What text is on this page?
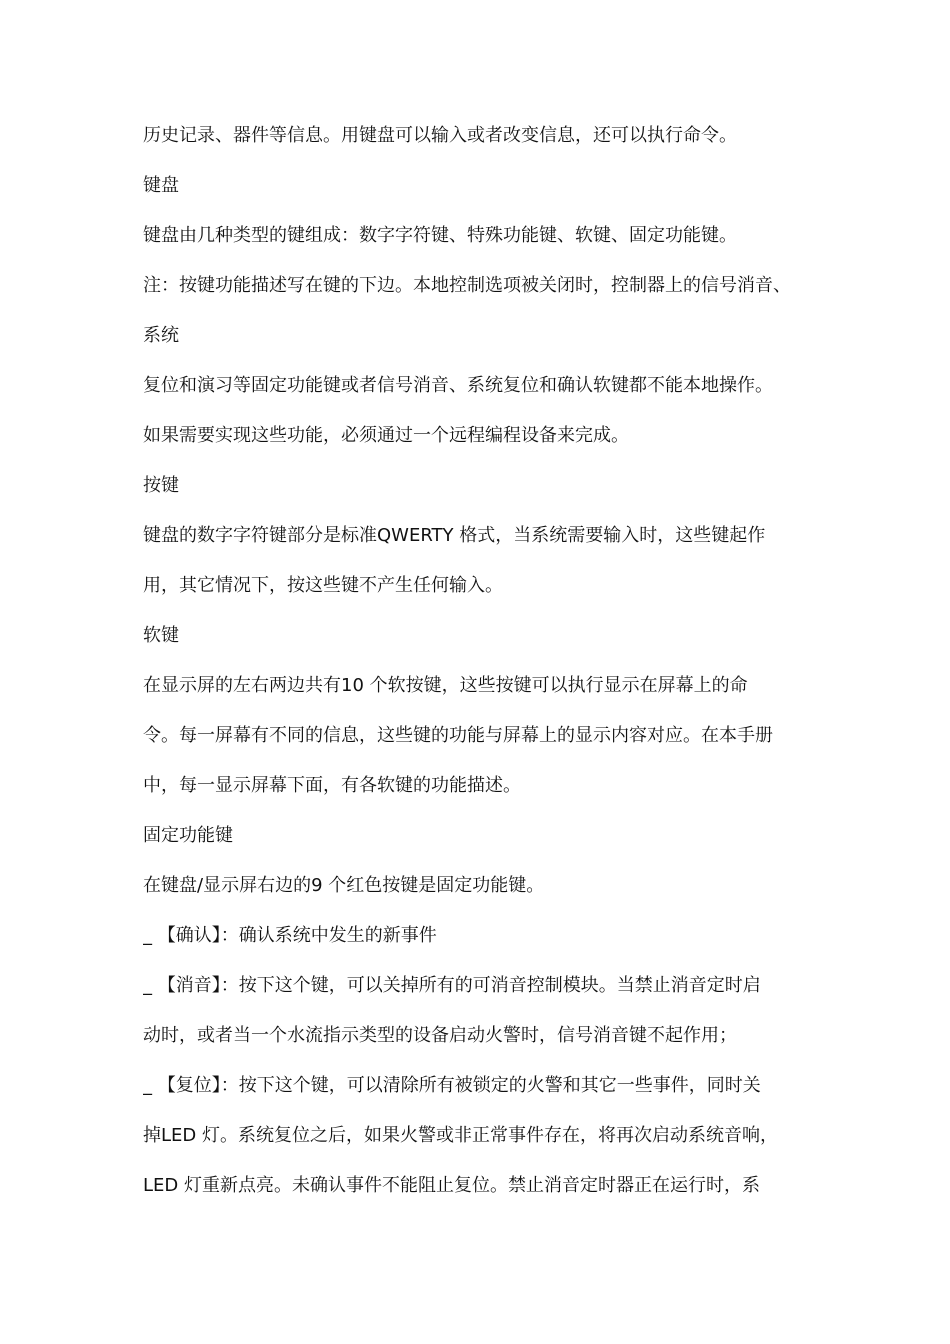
历史记录、器件等信息。用键盘可以输入或者改变信息，还可以执行命令。
键盘
键盘由几种类型的键组成：数字字符键、特殊功能键、软键、固定功能键。
注：按键功能描述写在键的下边。本地控制选项被关闭时，控制器上的信号消音、
系统
复位和演习等固定功能键或者信号消音、系统复位和确认软键都不能本地操作。
如果需要实现这些功能，必须通过一个远程编程设备来完成。
按键
键盘的数字字符键部分是标准QWERTY 格式，当系统需要输入时，这些键起作
用，其它情况下，按这些键不产生任何输入。
软键
在显示屏的左右两边共有10 个软按键，这些按键可以执行显示在屏幕上的命
令。每一屏幕有不同的信息，这些键的功能与屏幕上的显示内容对应。在本手册
中，每一显示屏幕下面，有各软键的功能描述。
固定功能键
在键盘/显示屏右边的9 个红色按键是固定功能键。
_ 【确认】：确认系统中发生的新事件
_ 【消音】：按下这个键，可以关掉所有的可消音控制模块。当禁止消音定时启
动时，或者当一个水流指示类型的设备启动火警时，信号消音键不起作用；
_ 【复位】：按下这个键，可以清除所有被锁定的火警和其它一些事件，同时关
掉LED 灯。系统复位之后，如果火警或非正常事件存在，将再次启动系统音响，
LED 灯重新点亮。未确认事件不能阻止复位。禁止消音定时器正在运行时，系
